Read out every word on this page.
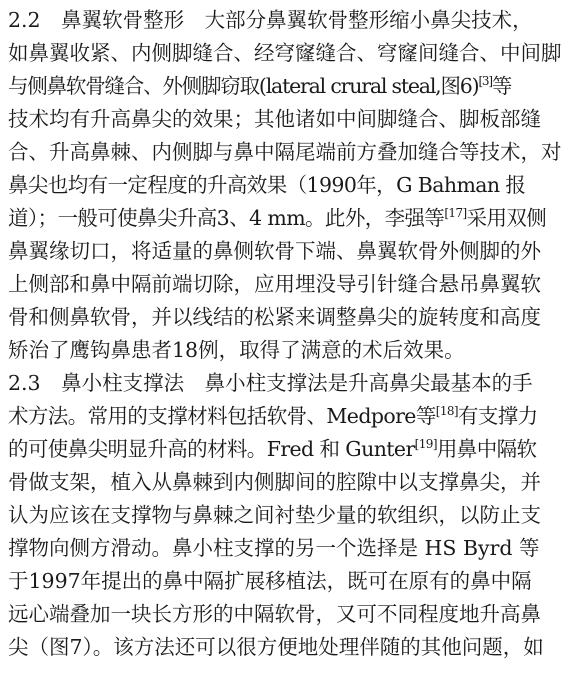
2.2　鼻翼软骨整形　大部分鼻翼软骨整形缩小鼻尖技术，
如鼻翼收紧、内侧脚缝合、经穹窿缝合、穹窿间缝合、中间脚
与侧鼻软骨缝合、外侧脚窃取(lateral crural steal,图6)[3]等
技术均有升高鼻尖的效果；其他诸如中间脚缝合、脚板部缝
合、升高鼻棘、内侧脚与鼻中隔尾端前方叠加缝合等技术，对
鼻尖也均有一定程度的升高效果（1990年，G Bahman 报
道）；一般可使鼻尖升高3、4 mm。此外，李强等[17]采用双侧
鼻翼缘切口，将适量的鼻侧软骨下端、鼻翼软骨外侧脚的外
上侧部和鼻中隔前端切除，应用埋没导引针缝合悬吊鼻翼软
骨和侧鼻软骨，并以线结的松紧来调整鼻尖的旋转度和高度
矫治了鹰钩鼻患者18例，取得了满意的术后效果。
2.3　鼻小柱支撑法　鼻小柱支撑法是升高鼻尖最基本的手
术方法。常用的支撑材料包括软骨、Medpore等[18]有支撑力
的可使鼻尖明显升高的材料。Fred 和 Gunter[19]用鼻中隔软
骨做支架，植入从鼻棘到内侧脚间的腔隙中以支撑鼻尖，并
认为应该在支撑物与鼻棘之间衬垫少量的软组织，以防止支
撑物向侧方滑动。鼻小柱支撑的另一个选择是 HS Byrd 等
于1997年提出的鼻中隔扩展移植法，既可在原有的鼻中隔
远心端叠加一块长方形的中隔软骨，又可不同程度地升高鼻
尖（图7）。该方法还可以很方便地处理伴随的其他问题，如
